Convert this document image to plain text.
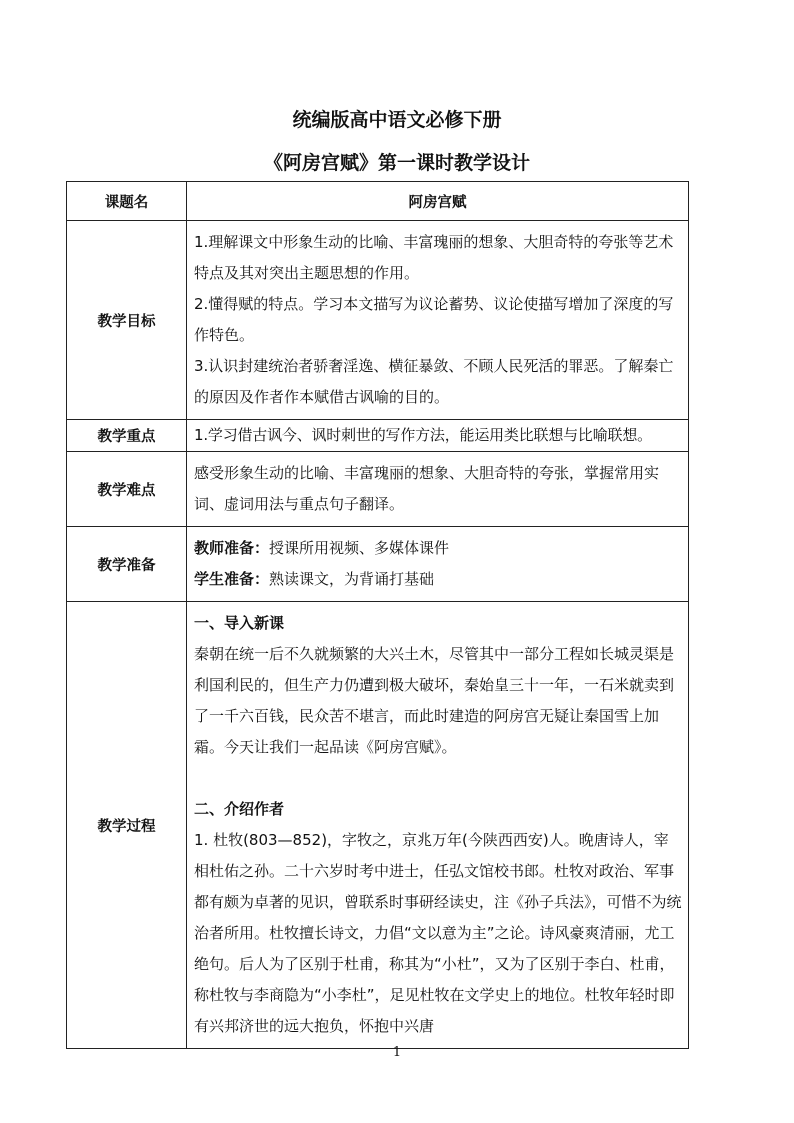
统编版高中语文必修下册
《阿房宫赋》第一课时教学设计
课题名	阿房宫赋
教学目标	1.理解课文中形象生动的比喻、丰富瑰丽的想象、大胆奇特的夸张等艺术特点及其对突出主题思想的作用。

2.懂得赋的特点。学习本文描写为议论蓄势、议论使描写增加了深度的写作特色。

3.认识封建统治者骄奢淫逸、横征暴敛、不顾人民死活的罪恶。了解秦亡的原因及作者作本赋借古讽喻的目的。

教学重点	1.学习借古讽今、讽时刺世的写作方法，能运用类比联想与比喻联想。
教学难点	感受形象生动的比喻、丰富瑰丽的想象、大胆奇特的夸张，掌握常用实词、虚词用法与重点句子翻译。
教学准备	教师准备：授课所用视频、多媒体课件

学生准备：熟读课文，为背诵打基础

教学过程	一、导入新课

秦朝在统一后不久就频繁的大兴土木，尽管其中一部分工程如长城灵渠是利国利民的，但生产力仍遭到极大破坏，秦始皇三十一年，一石米就卖到了一千六百钱，民众苦不堪言，而此时建造的阿房宫无疑让秦国雪上加霜。今天让我们一起品读《阿房宫赋》。

二、介绍作者

1. 杜牧(803—852)，字牧之，京兆万年(今陕西西安)人。晚唐诗人，宰相杜佑之孙。二十六岁时考中进士，任弘文馆校书郎。杜牧对政治、军事都有颇为卓著的见识，曾联系时事研经读史，注《孙子兵法》，可惜不为统治者所用。杜牧擅长诗文，力倡“文以意为主”之论。诗风豪爽清丽，尤工绝句。后人为了区别于杜甫，称其为“小杜”，又为了区别于李白、杜甫，称杜牧与李商隐为“小李杜”，足见杜牧在文学史上的地位。杜牧年轻时即有兴邦济世的远大抱负，怀抱中兴唐

1
